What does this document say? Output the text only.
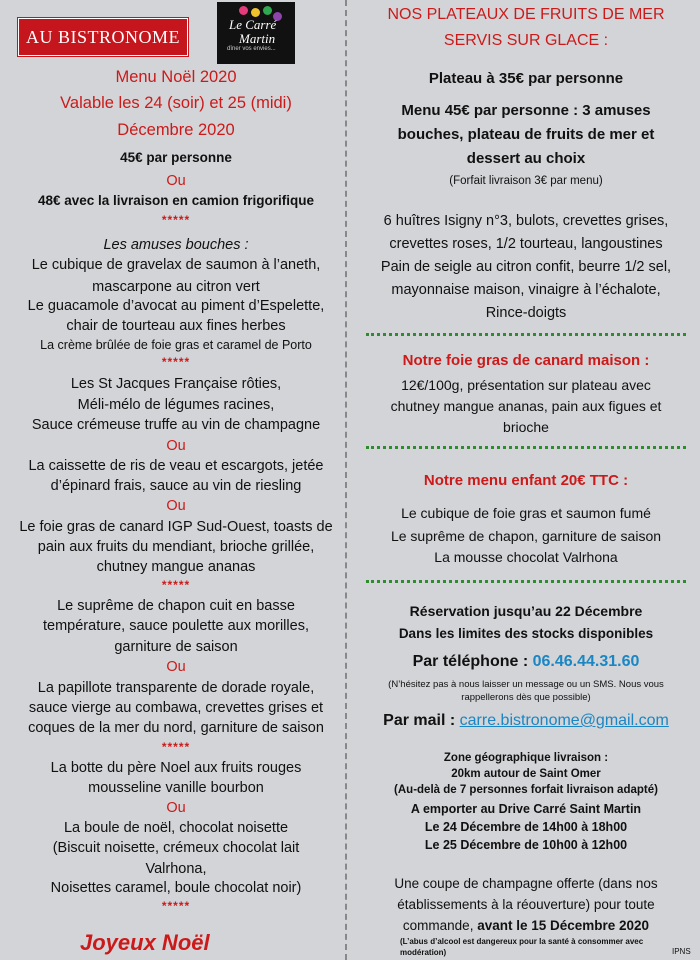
AU BISTRONOME
Le Carré
Martin
dîner vos envies...
Menu Noël 2020
Valable les 24 (soir) et 25 (midi)
Décembre 2020
45€ par personne
Ou
48€ avec la livraison en camion frigorifique
*****
Les amuses bouches :
Le cubique de gravelax de saumon à l’aneth,
mascarpone au citron vert
Le guacamole d’avocat au piment d’Espelette,
chair de tourteau aux fines herbes
La crème brûlée de foie gras et caramel de Porto
*****
Les St Jacques Française rôties,
Méli-mélo de légumes racines,
Sauce crémeuse truffe au vin de champagne
Ou
La caissette de ris de veau et escargots, jetée
d’épinard frais, sauce au vin de riesling
Ou
Le foie gras de canard IGP Sud-Ouest, toasts de
pain aux fruits du mendiant, brioche grillée,
chutney mangue ananas
*****
Le suprême de chapon cuit en basse
température, sauce poulette aux morilles,
garniture de saison
Ou
La papillote transparente de dorade royale,
sauce vierge au combawa, crevettes grises et
coques de la mer du nord, garniture de saison
*****
La botte du père Noel aux fruits rouges
mousseline vanille bourbon
Ou
La boule de noël, chocolat noisette
(Biscuit noisette, crémeux chocolat lait
Valrhona,
Noisettes caramel, boule chocolat noir)
*****
Joyeux Noël
NOS PLATEAUX DE FRUITS DE MER
SERVIS SUR GLACE :
Plateau à 35€ par personne
Menu 45€ par personne : 3 amuses
bouches, plateau de fruits de mer et
dessert au choix
(Forfait livraison 3€ par menu)
6 huîtres Isigny n°3, bulots, crevettes grises,
crevettes roses, 1/2 tourteau, langoustines
Pain de seigle au citron confit, beurre 1/2 sel,
mayonnaise maison, vinaigre à l’échalote,
Rince-doigts
Notre foie gras de canard maison :
12€/100g, présentation sur plateau avec
chutney mangue ananas, pain aux figues et
brioche
Notre menu enfant 20€ TTC :
Le cubique de foie gras et saumon fumé
Le suprême de chapon, garniture de saison
La mousse chocolat Valrhona
Réservation jusqu’au 22 Décembre
Dans les limites des stocks disponibles
Par téléphone : 06.46.44.31.60
(N’hésitez pas à nous laisser un message ou un SMS. Nous vous
rappellerons dès que possible)
Par mail : carre.bistronome@gmail.com
Zone géographique livraison :
20km autour de Saint Omer
(Au-delà de 7 personnes forfait livraison adapté)
A emporter au Drive Carré Saint Martin
Le 24 Décembre de 14h00 à 18h00
Le 25 Décembre de 10h00 à 12h00
Une coupe de champagne offerte (dans nos
établissements à la réouverture) pour toute
commande, avant le 15 Décembre 2020
(L’abus d’alcool est dangereux pour la santé à consommer avec
modération)	IPNS
